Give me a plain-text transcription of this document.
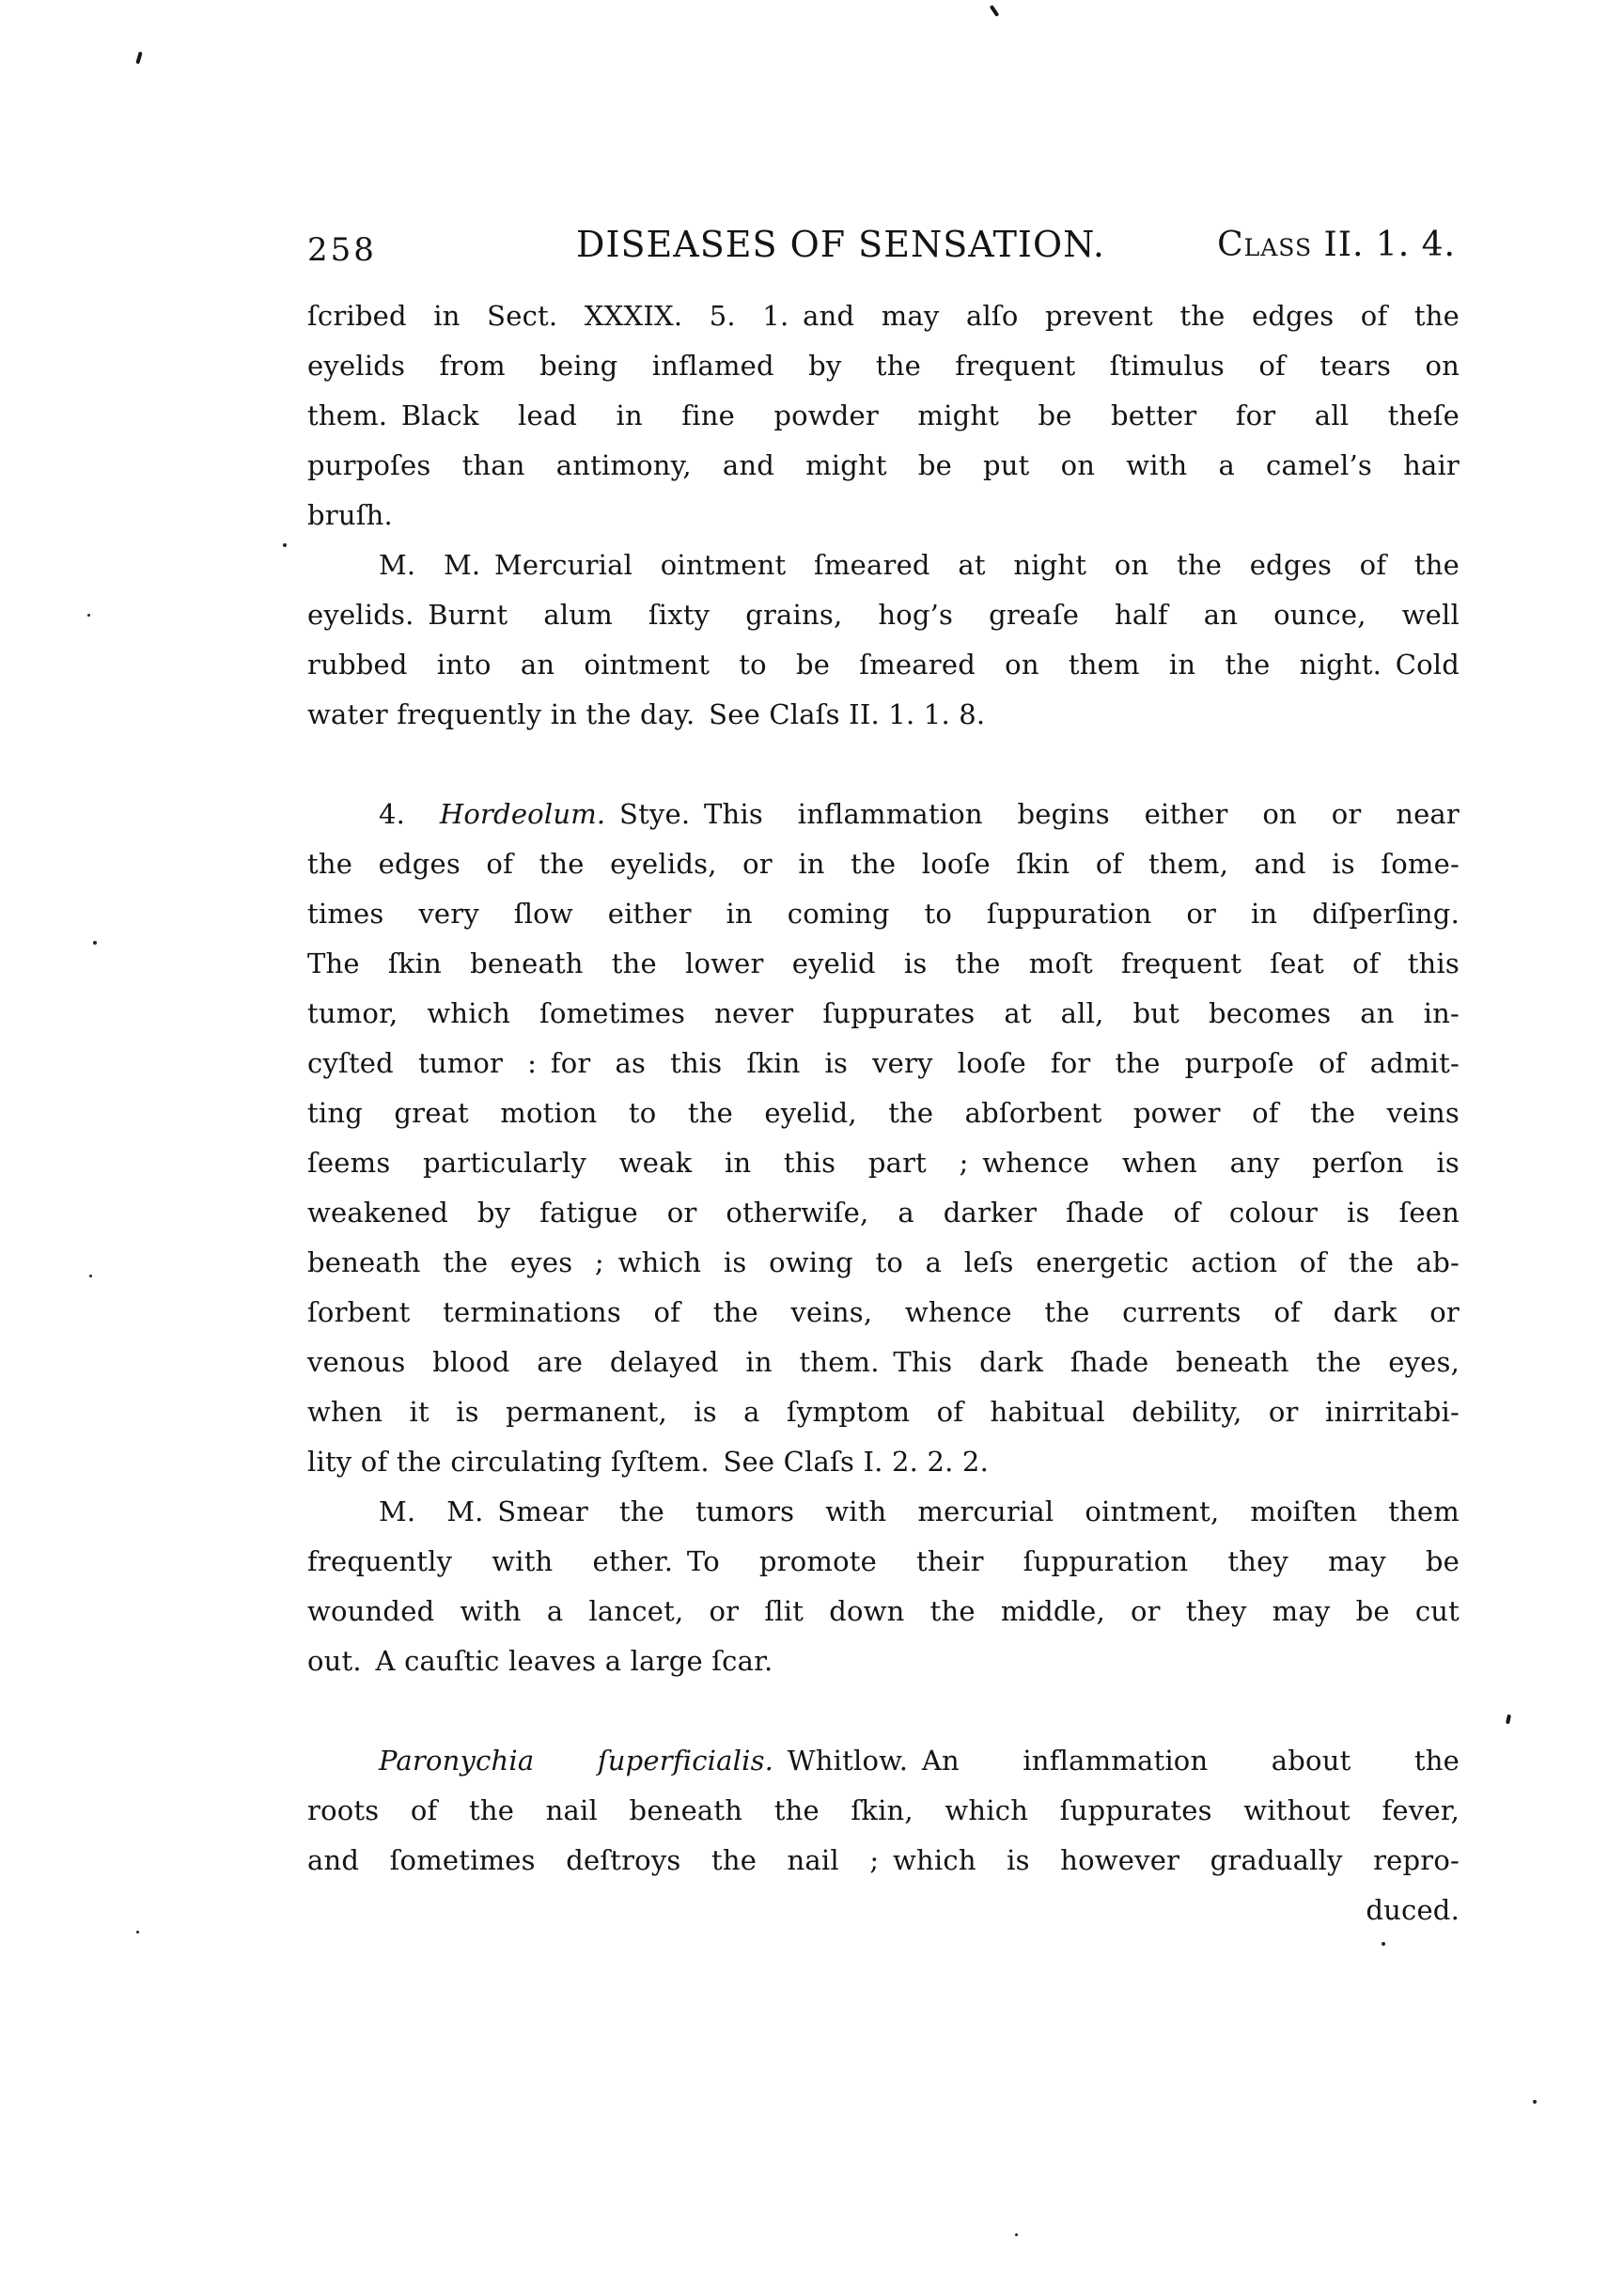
258	DISEASES OF SENSATION.	Class II. 1. 4.
ſcribed in Sect. XXXIX. 5. 1. and may alſo prevent the edges of the
eyelids from being inflamed by the frequent ſtimulus of tears on
them. Black lead in fine powder might be better for all theſe
purpoſes than antimony, and might be put on with a camel’s hair
bruſh.
M. M. Mercurial ointment ſmeared at night on the edges of the
eyelids. Burnt alum ſixty grains, hog’s greaſe half an ounce, well
rubbed into an ointment to be ſmeared on them in the night. Cold
water frequently in the day. See Claſs II. 1. 1. 8.
4. Hordeolum. Stye. This inflammation begins either on or near
the edges of the eyelids, or in the looſe ſkin of them, and is ſome-
times very ſlow either in coming to ſuppuration or in diſperſing.
The ſkin beneath the lower eyelid is the moſt frequent ſeat of this
tumor, which ſometimes never ſuppurates at all, but becomes an in-
cyſted tumor : for as this ſkin is very looſe for the purpoſe of admit-
ting great motion to the eyelid, the abſorbent power of the veins
ſeems particularly weak in this part ; whence when any perſon is
weakened by fatigue or otherwiſe, a darker ſhade of colour is ſeen
beneath the eyes ; which is owing to a leſs energetic action of the ab-
ſorbent terminations of the veins, whence the currents of dark or
venous blood are delayed in them. This dark ſhade beneath the eyes,
when it is permanent, is a ſymptom of habitual debility, or inirritabi-
lity of the circulating ſyſtem. See Claſs I. 2. 2. 2.
M. M. Smear the tumors with mercurial ointment, moiſten them
frequently with ether. To promote their ſuppuration they may be
wounded with a lancet, or ſlit down the middle, or they may be cut
out. A cauſtic leaves a large ſcar.
Paronychia ſuperficialis. Whitlow. An inflammation about the
roots of the nail beneath the ſkin, which ſuppurates without fever,
and ſometimes deſtroys the nail ; which is however gradually repro-
duced.
